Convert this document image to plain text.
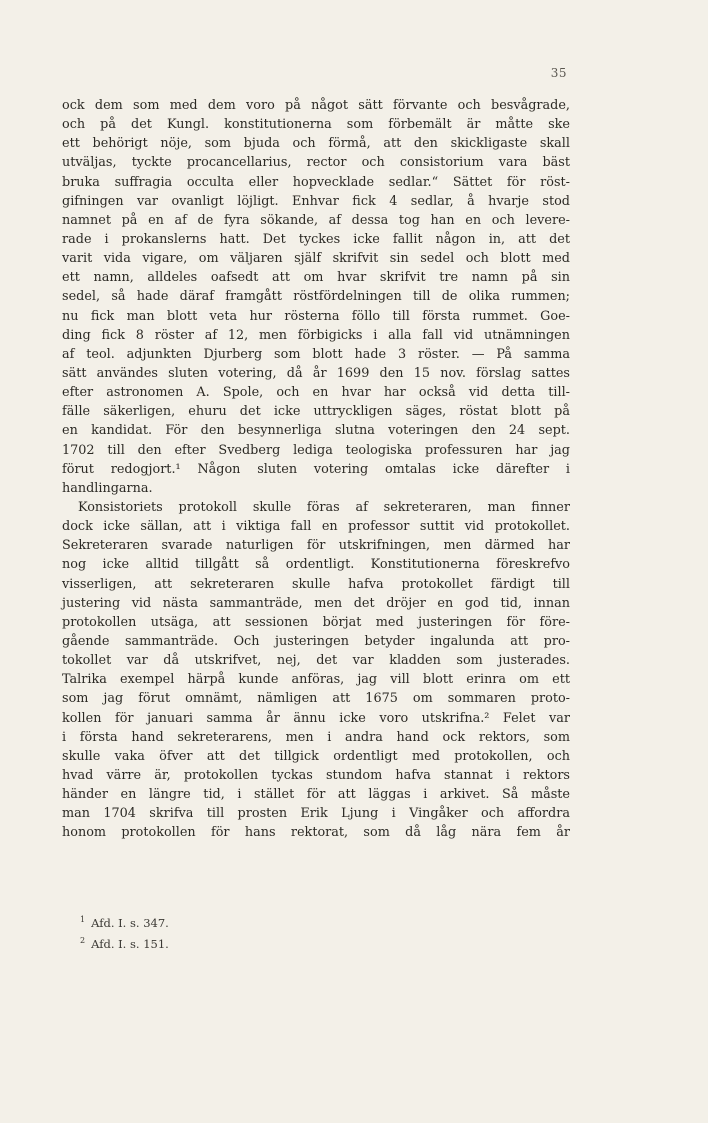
35
ock dem som med dem voro på något sätt förvante och besvågrade,
och på det Kungl. konstitutionerna som förbemält är måtte ske
ett behörigt nöje, som bjuda och förmå, att den skickligaste skall
utväljas, tyckte procancellarius, rector och consistorium vara bäst
bruka suffragia occulta eller hopvecklade sedlar.“ Sättet för röst-
gifningen var ovanligt löjligt. Enhvar fick 4 sedlar, å hvarje stod
namnet på en af de fyra sökande, af dessa tog han en och levere-
rade i prokanslerns hatt. Det tyckes icke fallit någon in, att det
varit vida vigare, om väljaren själf skrifvit sin sedel och blott med
ett namn, alldeles oafsedt att om hvar skrifvit tre namn på sin
sedel, så hade däraf framgått röstfördelningen till de olika rummen;
nu fick man blott veta hur rösterna föllo till första rummet. Goe-
ding fick 8 röster af 12, men förbigicks i alla fall vid utnämningen
af teol. adjunkten Djurberg som blott hade 3 röster. — På samma
sätt användes sluten votering, då år 1699 den 15 nov. förslag sattes
efter astronomen A. Spole, och en hvar har också vid detta till-
fälle säkerligen, ehuru det icke uttryckligen säges, röstat blott på
en kandidat. För den besynnerliga slutna voteringen den 24 sept.
1702 till den efter Svedberg lediga teologiska professuren har jag
förut redogjort.¹ Någon sluten votering omtalas icke därefter i
handlingarna.
Konsistoriets protokoll skulle föras af sekreteraren, man finner
dock icke sällan, att i viktiga fall en professor suttit vid protokollet.
Sekreteraren svarade naturligen för utskrifningen, men därmed har
nog icke alltid tillgått så ordentligt. Konstitutionerna föreskrefvo
visserligen, att sekreteraren skulle hafva protokollet färdigt till
justering vid nästa sammanträde, men det dröjer en god tid, innan
protokollen utsäga, att sessionen börjat med justeringen för före-
gående sammanträde. Och justeringen betyder ingalunda att pro-
tokollet var då utskrifvet, nej, det var kladden som justerades.
Talrika exempel härpå kunde anföras, jag vill blott erinra om ett
som jag förut omnämt, nämligen att 1675 om sommaren proto-
kollen för januari samma år ännu icke voro utskrifna.² Felet var
i första hand sekreterarens, men i andra hand ock rektors, som
skulle vaka öfver att det tillgick ordentligt med protokollen, och
hvad värre är, protokollen tyckas stundom hafva stannat i rektors
händer en längre tid, i stället för att läggas i arkivet. Så måste
man 1704 skrifva till prosten Erik Ljung i Vingåker och affordra
honom protokollen för hans rektorat, som då låg nära fem år
$^1$ Afd. I. s. 347.
$^2$ Afd. I. s. 151.
